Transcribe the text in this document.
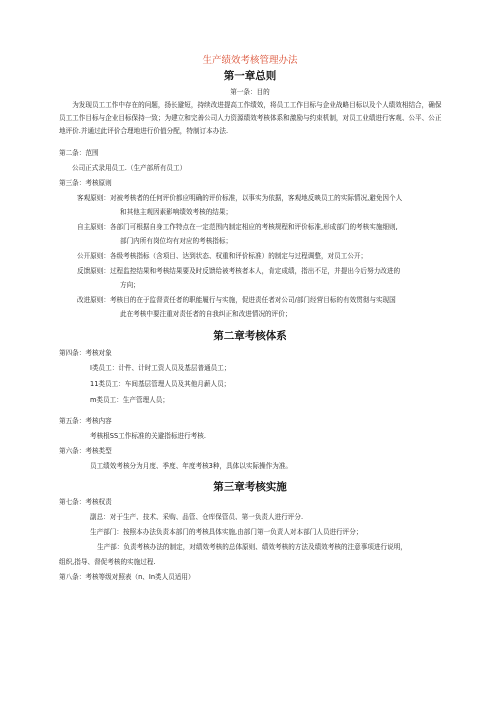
生产绩效考核管理办法
第一章总则
第一条：目的
为发现员工工作中存在的问题，扬长避短，持续改进提高工作绩效，将员工工作目标与企业战略目标以及个人绩效相结合，确保员工工作目标与企业目标保持一致；为建立和完善公司人力资源绩效考核体系和激励与约束机制，对员工业绩进行客观、公平、公正地评价.并通过此评价合理地进行价值分配，特制订本办法.
第二条：范围
公司正式录用员工.（生产部所有员工）
第三条：考核原则
客观原则：对被考核者的任何评价都应明确的评价标准，以事实为依据，客观地反映员工的实际情况,避免因个人
和其他主观因素影响绩效考核的结果；
自主原则：各部门可根据自身工作特点在一定范围内制定相应的考核规程和评价标准,形成部门的考核实施细则,
部门内所有岗位均有对应的考核指标；
公开原则：各级考核指标（含项目、达到状态、权重和评价标准）的制定与过程调整，对员工公开；
反馈原则：过程监控结果和考核结果要及时反馈给被考核者本人，肯定成绩，指出不足，并提出今后努力改进的
方向；
改进原则：考核目的在于监督责任者的职能履行与实施，促进责任者对公司/部门经营目标的有效贯彻与实现国
此在考核中要注重对责任者的自我纠正和改进情况的评价；
第二章考核体系
第四条：考核对象
I类员工：计件、计时工资人员及基层普通员工；
11类员工：车间基层管理人员及其他月薪人员；
m类员工：生产管理人员；
第五条：考核内容
考核根SS工作标准的关避指标进行考核.
第六条：考核类型
员工绩效考核分为月度、季度、年度考核3种，具体以实际操作为准。
第三章考核实施
第七条：考核权责
副总：对于生产、技术、采购、品管、仓库保管员、第一负责人进行评分.
生产部门：按照本办法负责本部门的考核具体实施,由部门第一负责人对本部门人员进行评分；
生产部：负责考核办法的制定，对绩效考核的总体原则、绩效考核的方法及绩效考核的注意事项进行说明，
组织,指导、督促考核的实施过程.
第八条：考核等级对照表（n、In类人员适用）
